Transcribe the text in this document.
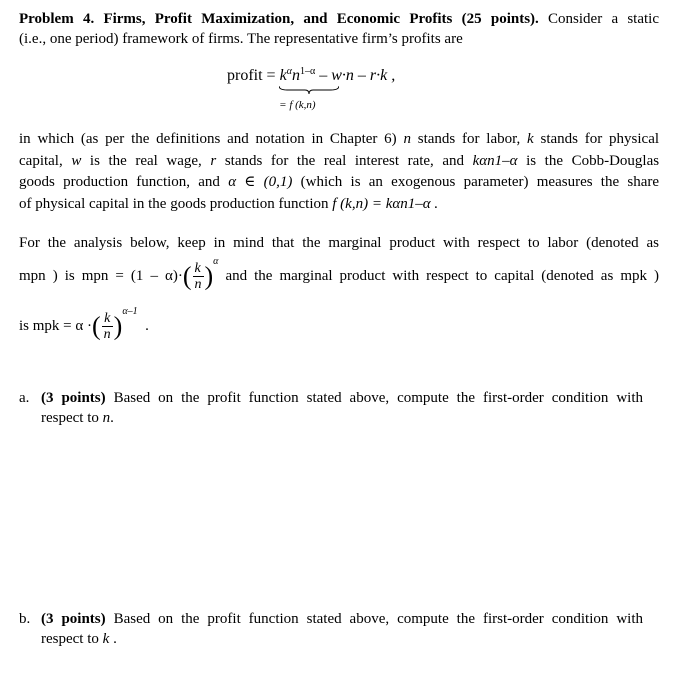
Problem 4. Firms, Profit Maximization, and Economic Profits (25 points). Consider a static
(i.e., one period) framework of firms. The representative firm’s profits are
profit = $k^\alpha n^{1-\alpha}$
= f (k,n)
– w·n – r·k ,
in which (as per the definitions and notation in Chapter 6) n stands for labor, k stands for physical
capital, w is the real wage, r stands for the real interest rate, and kαn1–α is the Cobb-Douglas
goods production function, and α ∈ (0,1) (which is an exogenous parameter) measures the share
of physical capital in the goods production function f (k,n) = kαn1–α .
For the analysis below, keep in mind that the marginal product with respect to labor (denoted as
mpn ) is mpn = $(1 - \alpha)\cdot( \frac{k}{n} )^\alpha$ and the marginal product with respect to capital (denoted as mpk )
is mpk = α ·( $\frac{k}{n} )^{\alpha-1}$  .
a. (3 points) Based on the profit function stated above, compute the first-order condition with
respect to n.
b. (3 points) Based on the profit function stated above, compute the first-order condition with
respect to k .
